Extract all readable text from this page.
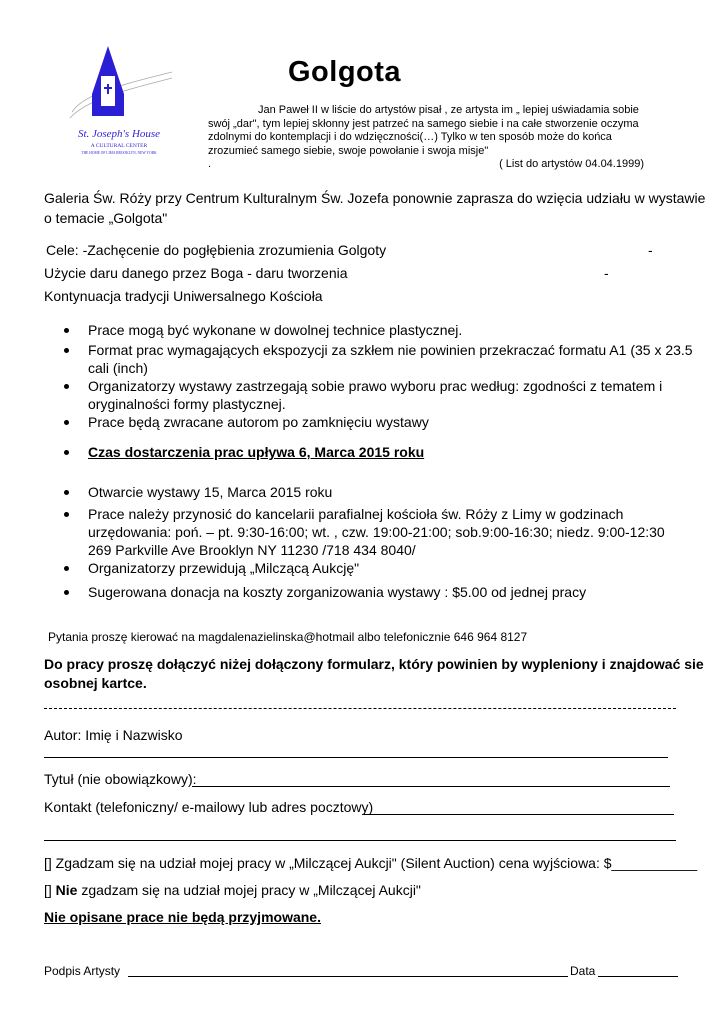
St. Joseph's House
A CULTURAL CENTER
THE HOME OF LIMA BROOKLYN, NEW YORK
Golgota
Jan Paweł II w liście do artystów pisał , ze artysta im „ lepiej uświadamia sobie
swój „dar", tym lepiej skłonny jest patrzeć na samego siebie i na całe stworzenie oczyma
zdolnymi do kontemplacji i do wdzięczności(…) Tylko w ten sposób może do końca
zrozumieć samego siebie, swoje powołanie i swoja misje"
.	( List do artystów 04.04.1999)
Galeria Św. Róży przy Centrum Kulturalnym Św. Jozefa ponownie zaprasza do wzięcia udziału w wystawie
o temacie „Golgota"
Cele: -Zachęcenie do pogłębienia zrozumienia Golgoty	-
Użycie daru danego przez Boga - daru tworzenia	-
Kontynuacja tradycji Uniwersalnego Kościoła
Prace mogą być wykonane w dowolnej technice plastycznej.
Format prac wymagających ekspozycji za szkłem nie powinien przekraczać formatu A1 (35 x 23.5
cali (inch)
Organizatorzy wystawy zastrzegają sobie prawo wyboru prac według: zgodności z tematem i
oryginalności formy plastycznej.
Prace będą zwracane autorom po zamknięciu wystawy
Czas dostarczenia prac upływa 6, Marca 2015 roku
Otwarcie wystawy 15, Marca 2015 roku
Prace należy przynosić do kancelarii parafialnej kościoła św. Róży z Limy w godzinach
urzędowania: poń. – pt. 9:30-16:00; wt. , czw. 19:00-21:00; sob.9:00-16:30; niedz. 9:00-12:30
269 Parkville Ave Brooklyn NY 11230 /718 434 8040/
Organizatorzy przewidują „Milczącą Aukcję"
Sugerowana donacja na koszty zorganizowania wystawy : $5.00 od jednej pracy
Pytania proszę kierować na magdalenazielinska@hotmail albo telefonicznie 646 964 8127
Do pracy proszę dołączyć niżej dołączony formularz, który powinien by wypleniony i znajdować sie
osobnej kartce.
Autor: Imię i Nazwisko
Tytuł (nie obowiązkowy):
Kontakt (telefoniczny/ e-mailowy lub adres pocztowy)
[] Zgadzam się na udział mojej pracy w „Milczącej Aukcji" (Silent Auction) cena wyjściowa: $___________
[] Nie zgadzam się na udział mojej pracy w „Milczącej Aukcji"
Nie opisane prace nie będą przyjmowane.
Podpis Artysty	Data
